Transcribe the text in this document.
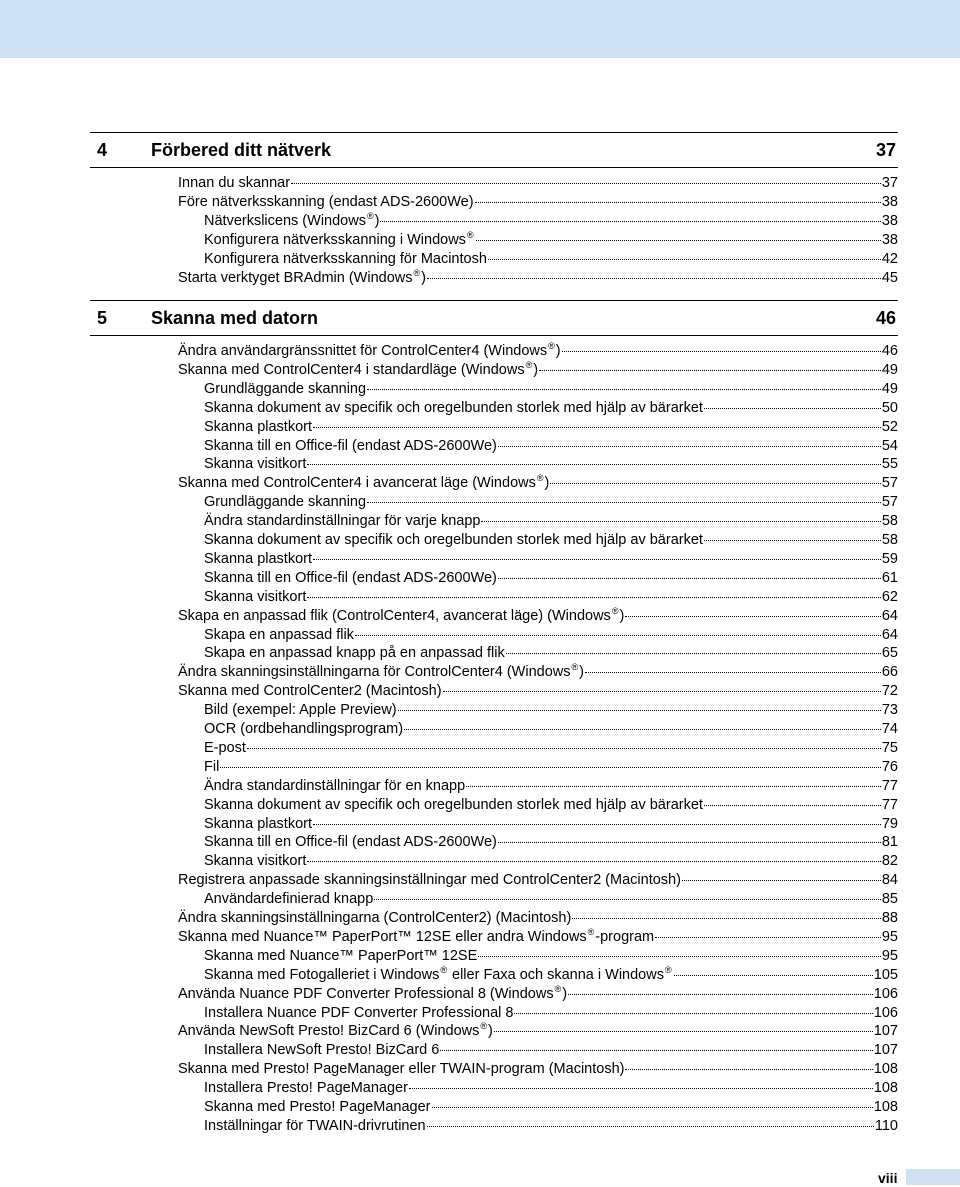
4 Förbered ditt nätverk	37
Innan du skannar	37
Före nätverksskanning (endast ADS-2600We)	38
Nätverkslicens (Windows®)	38
Konfigurera nätverksskanning i Windows®	38
Konfigurera nätverksskanning för Macintosh	42
Starta verktyget BRAdmin (Windows®)	45
5 Skanna med datorn	46
Ändra användargränssnittet för ControlCenter4 (Windows®)	46
Skanna med ControlCenter4 i standardläge (Windows®)	49
Grundläggande skanning	49
Skanna dokument av specifik och oregelbunden storlek med hjälp av bärarket	50
Skanna plastkort	52
Skanna till en Office-fil (endast ADS-2600We)	54
Skanna visitkort	55
Skanna med ControlCenter4 i avancerat läge (Windows®)	57
Grundläggande skanning	57
Ändra standardinställningar för varje knapp	58
Skanna dokument av specifik och oregelbunden storlek med hjälp av bärarket	58
Skanna plastkort	59
Skanna till en Office-fil (endast ADS-2600We)	61
Skanna visitkort	62
Skapa en anpassad flik (ControlCenter4, avancerat läge) (Windows®)	64
Skapa en anpassad flik	64
Skapa en anpassad knapp på en anpassad flik	65
Ändra skanningsinställningarna för ControlCenter4 (Windows®)	66
Skanna med ControlCenter2 (Macintosh)	72
Bild (exempel: Apple Preview)	73
OCR (ordbehandlingsprogram)	74
E-post	75
Fil	76
Ändra standardinställningar för en knapp	77
Skanna dokument av specifik och oregelbunden storlek med hjälp av bärarket	77
Skanna plastkort	79
Skanna till en Office-fil (endast ADS-2600We)	81
Skanna visitkort	82
Registrera anpassade skanningsinställningar med ControlCenter2 (Macintosh)	84
Användardefinierad knapp	85
Ändra skanningsinställningarna (ControlCenter2) (Macintosh)	88
Skanna med Nuance™ PaperPort™ 12SE eller andra Windows®-program	95
Skanna med Nuance™ PaperPort™ 12SE	95
Skanna med Fotogalleriet i Windows® eller Faxa och skanna i Windows®	105
Använda Nuance PDF Converter Professional 8 (Windows®)	106
Installera Nuance PDF Converter Professional 8	106
Använda NewSoft Presto! BizCard 6 (Windows®)	107
Installera NewSoft Presto! BizCard 6	107
Skanna med Presto! PageManager eller TWAIN-program (Macintosh)	108
Installera Presto! PageManager	108
Skanna med Presto! PageManager	108
Inställningar för TWAIN-drivrutinen	110
viii
